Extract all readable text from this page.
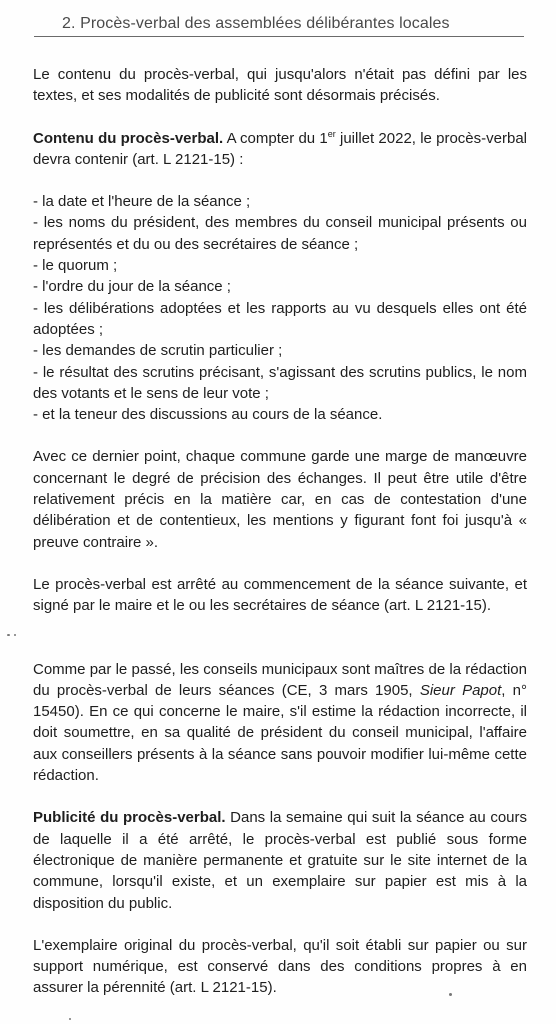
2. Procès-verbal des assemblées délibérantes locales

Le contenu du procès-verbal, qui jusqu'alors n'était pas défini par les textes, et ses modalités de publicité sont désormais précisés.

Contenu du procès-verbal. A compter du 1er juillet 2022, le procès-verbal devra contenir (art. L 2121-15) :

- la date et l'heure de la séance ;
- les noms du président, des membres du conseil municipal présents ou représentés et du ou des secrétaires de séance ;
- le quorum ;
- l'ordre du jour de la séance ;
- les délibérations adoptées et les rapports au vu desquels elles ont été adoptées ;
- les demandes de scrutin particulier ;
- le résultat des scrutins précisant, s'agissant des scrutins publics, le nom des votants et le sens de leur vote ;
- et la teneur des discussions au cours de la séance.

Avec ce dernier point, chaque commune garde une marge de manœuvre concernant le degré de précision des échanges. Il peut être utile d'être relativement précis en la matière car, en cas de contestation d'une délibération et de contentieux, les mentions y figurant font foi jusqu'à « preuve contraire ».

Le procès-verbal est arrêté au commencement de la séance suivante, et signé par le maire et le ou les secrétaires de séance (art. L 2121-15).

Comme par le passé, les conseils municipaux sont maîtres de la rédaction du procès-verbal de leurs séances (CE, 3 mars 1905, Sieur Papot, n° 15450). En ce qui concerne le maire, s'il estime la rédaction incorrecte, il doit soumettre, en sa qualité de président du conseil municipal, l'affaire aux conseillers présents à la séance sans pouvoir modifier lui-même cette rédaction.

Publicité du procès-verbal. Dans la semaine qui suit la séance au cours de laquelle il a été arrêté, le procès-verbal est publié sous forme électronique de manière permanente et gratuite sur le site internet de la commune, lorsqu'il existe, et un exemplaire sur papier est mis à la disposition du public.

L'exemplaire original du procès-verbal, qu'il soit établi sur papier ou sur support numérique, est conservé dans des conditions propres à en assurer la pérennité (art. L 2121-15).
